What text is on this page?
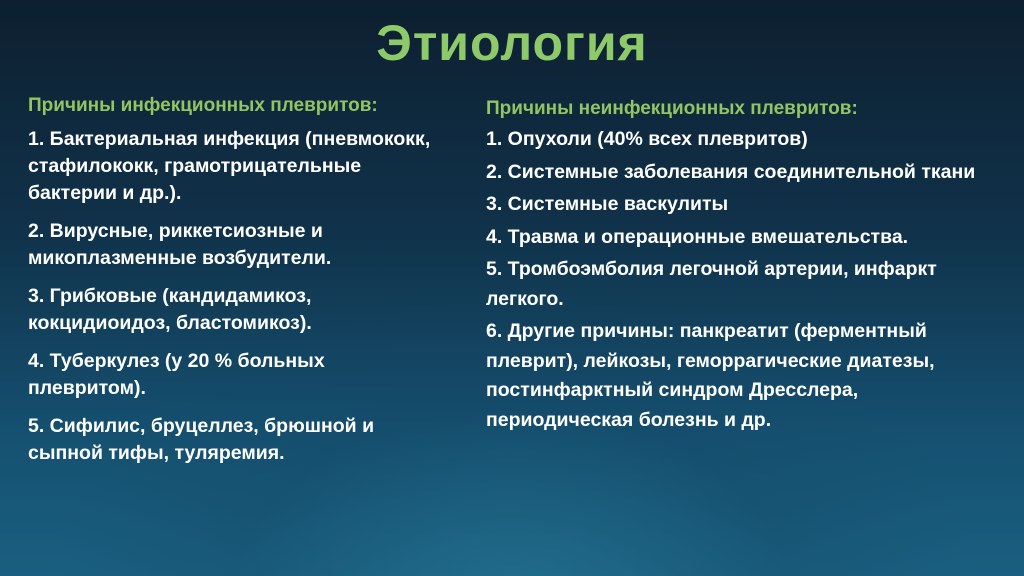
Этиология
Причины инфекционных плевритов:
1. Бактериальная инфекция (пневмококк, стафилококк, грамотрицательные бактерии и др.).
2. Вирусные, риккетсиозные и микоплазменные возбудители.
3. Грибковые (кандидамикоз, кокцидиоидоз, бластомикоз).
4. Туберкулез (у 20 % больных плевритом).
5. Сифилис, бруцеллез, брюшной и сыпной тифы, туляремия.
Причины неинфекционных плевритов:
1. Опухоли (40% всех плевритов)
2. Системные заболевания соединительной ткани
3. Системные васкулиты
4. Травма и операционные вмешательства.
5. Тромбоэмболия легочной артерии, инфаркт легкого.
6. Другие причины: панкреатит (ферментный плеврит), лейкозы, геморрагические диатезы, постинфарктный синдром Дресслера, периодическая болезнь и др.
